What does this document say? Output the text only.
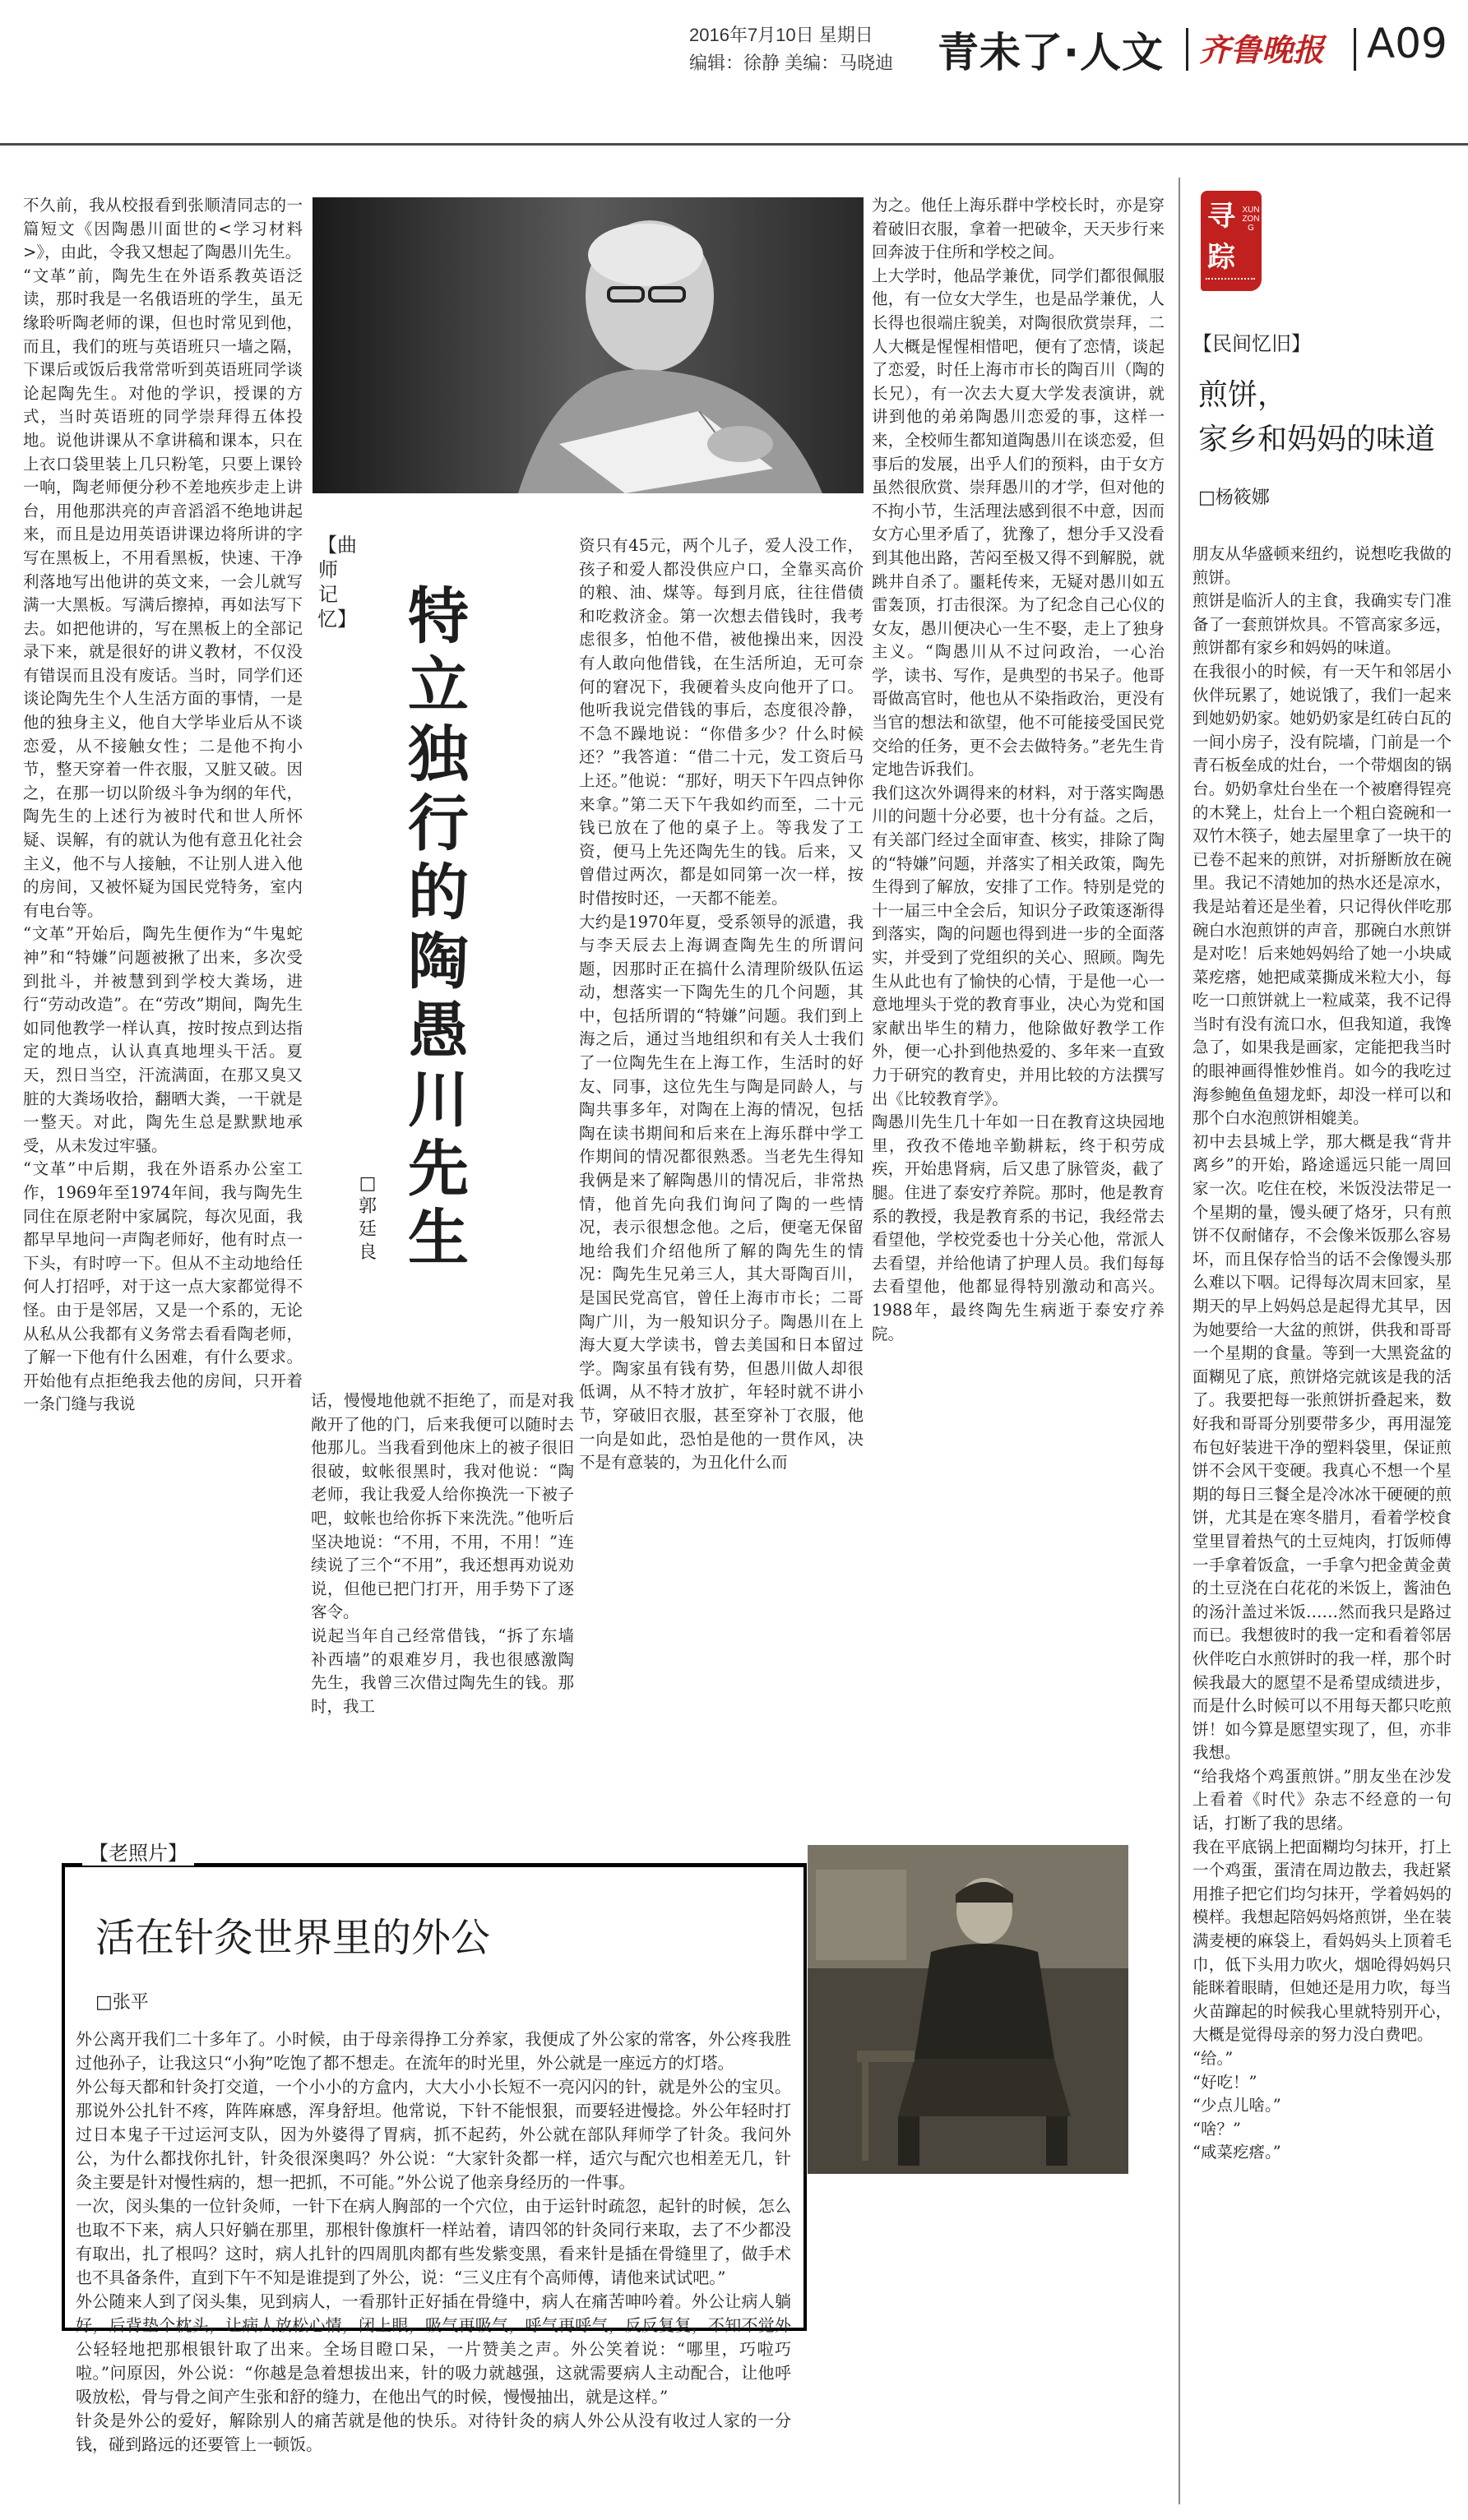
2016年7月10日 星期日
编辑：徐静 美编：马晓迪 青未了·人文 齐鲁晚报 A09
【曲师记忆】 特立独行的陶愚川先生
□郭廷良
不久前，我从校报看到张顺清同志的一篇短文《因陶愚川面世的<学习材料>》，由此，令我又想起了陶愚川先生。
“文革”前，陶先生在外语系教英语泛读，那时我是一名俄语班的学生，虽无缘聆听陶老师的课，但也时常见到他，而且，我们的班与英语班只一墙之隔，下课后或饭后我常常听到英语班同学谈论起陶先生。对他的学识，授课的方式，当时英语班的同学崇拜得五体投地。说他讲课从不拿讲稿和课本，只在上衣口袋里装上几只粉笔，只要上课铃一响，陶老师便分秒不差地疾步走上讲台，用他那洪亮的声音滔滔不绝地讲起来，而且是边用英语讲课边将所讲的字写在黑板上，不用看黑板，快速、干净利落地写出他讲的英文来，一会儿就写满一大黑板。写满后擦掉，再如法写下去。如把他讲的，写在黑板上的全部记录下来，就是很好的讲义教材，不仅没有错误而且没有废话。当时，同学们还谈论陶先生个人生活方面的事情，一是他的独身主义，他自大学毕业后从不谈恋爱，从不接触女性；二是他不拘小节，整天穿着一件衣服，又脏又破。因之，在那一切以阶级斗争为纲的年代，陶先生的上述行为被时代和世人所怀疑、误解，有的就认为他有意丑化社会主义，他不与人接触，不让别人进入他的房间，又被怀疑为国民党特务，室内有电台等。
“文革”开始后，陶先生便作为“牛鬼蛇神”和“特嫌”问题被揪了出来，多次受到批斗，并被慧到到学校大粪场，进行“劳动改造”。在“劳改”期间，陶先生如同他教学一样认真，按时按点到达指定的地点，认认真真地埋头干活。夏天，烈日当空，汗流满面，在那又臭又脏的大粪场收拾，翻晒大粪，一干就是一整天。对此，陶先生总是默默地承受，从未发过牢骚。
“文革”中后期，我在外语系办公室工作，1969年至1974年间，我与陶先生同住在原老附中家属院，每次见面，我都早早地问一声陶老师好，他有时点一下头，有时哼一下。但从不主动地给任何人打招呼，对于这一点大家都觉得不怪。由于是邻居，又是一个系的，无论从私从公我都有义务常去看看陶老师，了解一下他有什么困难，有什么要求。开始他有点拒绝我去他的房间，只开着一条门缝与我说	话，慢慢地他就不拒绝了，而是对我敞开了他的门，后来我便可以随时去他那儿。当我看到他床上的被子很旧很破，蚊帐很黑时，我对他说：“陶老师，我让我爱人给你换洗一下被子吧，蚊帐也给你拆下来洗洗。”他听后坚决地说：“不用，不用，不用！”连续说了三个“不用”，我还想再劝说劝说，但他已把门打开，用手势下了逐客令。
说起当年自己经常借钱，“拆了东墙补西墙”的艰难岁月，我也很感激陶先生，我曾三次借过陶先生的钱。那时，我工
资只有45元，两个儿子，爱人没工作，孩子和爱人都没供应户口，全靠买高价的粮、油、煤等。每到月底，往往借债和吃救济金。第一次想去借钱时，我考虑很多，怕他不借，被他操出来，因没有人敢向他借钱，在生活所迫，无可奈何的窘况下，我硬着头皮向他开了口。他听我说完借钱的事后，态度很冷静，不急不躁地说：“你借多少？什么时候还？”我答道：“借二十元，发工资后马上还。”他说：“那好，明天下午四点钟你来拿。”第二天下午我如约而至，二十元钱已放在了他的桌子上。等我发了工资，便马上先还陶先生的钱。后来，又曾借过两次，都是如同第一次一样，按时借按时还，一天都不能差。
大约是1970年夏，受系领导的派遣，我与李天辰去上海调查陶先生的所谓问题，因那时正在搞什么清理阶级队伍运动，想落实一下陶先生的几个问题，其中，包括所谓的“特嫌”问题。我们到上海之后，通过当地组织和有关人士我们了一位陶先生在上海工作，生活时的好友、同事，这位先生与陶是同龄人，与陶共事多年，对陶在上海的情况，包括陶在读书期间和后来在上海乐群中学工作期间的情况都很熟悉。当老先生得知我俩是来了解陶愚川的情况后，非常热情，他首先向我们询问了陶的一些情况，表示很想念他。之后，便毫无保留地给我们介绍他所了解的陶先生的情况：陶先生兄弟三人，其大哥陶百川，是国民党高官，曾任上海市市长；二哥陶广川，为一般知识分子。陶愚川在上海大夏大学读书，曾去美国和日本留过学。陶家虽有钱有势，但愚川做人却很低调，从不特才放扩，年轻时就不讲小节，穿破旧衣服，甚至穿补丁衣服，他一向是如此，恐怕是他的一贯作风，决不是有意装的，为丑化什么而
为之。他任上海乐群中学校长时，亦是穿着破旧衣服，拿着一把破伞，天天步行来回奔波于住所和学校之间。
上大学时，他品学兼优，同学们都很佩服他，有一位女大学生，也是品学兼优，人长得也很端庄貌美，对陶很欣赏崇拜，二人大概是惺惺相惜吧，便有了恋情，谈起了恋爱，时任上海市市长的陶百川（陶的长兄），有一次去大夏大学发表演讲，就讲到他的弟弟陶愚川恋爱的事，这样一来，全校师生都知道陶愚川在谈恋爱，但事后的发展，出乎人们的预料，由于女方虽然很欣赏、崇拜愚川的才学，但对他的不拘小节，生活理法感到很不中意，因而女方心里矛盾了，犹豫了，想分手又没看到其他出路，苦闷至极又得不到解脱，就跳井自杀了。噩耗传来，无疑对愚川如五雷轰顶，打击很深。为了纪念自己心仪的女友，愚川便决心一生不娶，走上了独身主义。“陶愚川从不过问政治，一心治学，读书、写作，是典型的书呆子。他哥哥做高官时，他也从不染指政治，更没有当官的想法和欲望，他不可能接受国民党交给的任务，更不会去做特务。”老先生肯定地告诉我们。
我们这次外调得来的材料，对于落实陶愚川的问题十分必要，也十分有益。之后，有关部门经过全面审查、核实，排除了陶的“特嫌”问题，并落实了相关政策，陶先生得到了解放，安排了工作。特别是党的十一届三中全会后，知识分子政策逐渐得到落实，陶的问题也得到进一步的全面落实，并受到了党组织的关心、照顾。陶先生从此也有了愉快的心情，于是他一心一意地埋头于党的教育事业，决心为党和国家献出毕生的精力，他除做好教学工作外，便一心扑到他热爱的、多年来一直致力于研究的教育史，并用比较的方法撰写出《比较教育学》。
陶愚川先生几十年如一日在教育这块园地里，孜孜不倦地辛勤耕耘，终于积劳成疾，开始患肾病，后又患了脉管炎，截了腿。住进了泰安疗养院。那时，他是教育系的教授，我是教育系的书记，我经常去看望他，学校党委也十分关心他，常派人去看望，并给他请了护理人员。我们每每去看望他，他都显得特别激动和高兴。1988年，最终陶先生病逝于泰安疗养院。
寻踪
XUNZONG
【民间忆旧】
煎饼，
家乡和妈妈的味道
□杨筱娜
朋友从华盛顿来纽约，说想吃我做的煎饼。
煎饼是临沂人的主食，我确实专门准备了一套煎饼炊具。不管高家多远，煎饼都有家乡和妈妈的味道。
在我很小的时候，有一天午和邻居小伙伴玩累了，她说饿了，我们一起来到她奶奶家。她奶奶家是红砖白瓦的一间小房子，没有院墙，门前是一个青石板垒成的灶台，一个带烟囱的锅台。奶奶拿灶台坐在一个被磨得锃亮的木凳上，灶台上一个粗白瓷碗和一双竹木筷子，她去屋里拿了一块干的已卷不起来的煎饼，对折掰断放在碗里。我记不清她加的热水还是凉水，我是站着还是坐着，只记得伙伴吃那碗白水泡煎饼的声音，那碗白水煎饼是对吃！后来她妈妈给了她一小块咸菜疙瘩，她把咸菜撕成米粒大小，每吃一口煎饼就上一粒咸菜，我不记得当时有没有流口水，但我知道，我馋急了，如果我是画家，定能把我当时的眼神画得惟妙惟肖。如今的我吃过海参鲍鱼鱼翅龙虾，却没一样可以和那个白水泡煎饼相媲美。
初中去县城上学，那大概是我“背井离乡”的开始，路途遥远只能一周回家一次。吃住在校，米饭没法带足一个星期的量，馒头硬了烙牙，只有煎饼不仅耐储存，不会像米饭那么容易坏，而且保存恰当的话不会像馒头那么难以下咽。记得每次周末回家，星期天的早上妈妈总是起得尤其早，因为她要给一大盆的煎饼，供我和哥哥一个星期的食量。等到一大黑瓷盆的面糊见了底，煎饼烙完就该是我的活了。我要把每一张煎饼折叠起来，数好我和哥哥分别要带多少，再用湿笼布包好装进干净的塑料袋里，保证煎饼不会风干变硬。我真心不想一个星期的每日三餐全是冷冰冰干硬硬的煎饼，尤其是在寒冬腊月，看着学校食堂里冒着热气的土豆炖肉，打饭师傅一手拿着饭盒，一手拿勺把金黄金黄的土豆浇在白花花的米饭上，酱油色的汤汁盖过米饭……然而我只是路过而已。我想彼时的我一定和看着邻居伙伴吃白水煎饼时的我一样，那个时候我最大的愿望不是希望成绩进步，而是什么时候可以不用每天都只吃煎饼！如今算是愿望实现了，但，亦非我想。
“给我烙个鸡蛋煎饼。”朋友坐在沙发上看着《时代》杂志不经意的一句话，打断了我的思绪。
我在平底锅上把面糊均匀抹开，打上一个鸡蛋，蛋清在周边散去，我赶紧用推子把它们均匀抹开，学着妈妈的模样。我想起陪妈妈烙煎饼，坐在装满麦梗的麻袋上，看妈妈头上顶着毛巾，低下头用力吹火，烟呛得妈妈只能眯着眼睛，但她还是用力吹，每当火苗蹿起的时候我心里就特别开心，大概是觉得母亲的努力没白费吧。
“给。”
“好吃！”
“少点儿啥。”
“啥？”
“咸菜疙瘩。”
【老照片】
活在针灸世界里的外公
□张平
外公离开我们二十多年了。小时候，由于母亲得挣工分养家，我便成了外公家的常客，外公疼我胜过他孙子，让我这只“小狗”吃饱了都不想走。在流年的时光里，外公就是一座远方的灯塔。
外公每天都和针灸打交道，一个小小的方盒内，大大小小长短不一亮闪闪的针，就是外公的宝贝。那说外公扎针不疼，阵阵麻感，浑身舒坦。他常说，下针不能恨狠，而要轻进慢捻。外公年轻时打过日本鬼子干过运河支队，因为外婆得了胃病，抓不起药，外公就在部队拜师学了针灸。我问外公，为什么都找你扎针，针灸很深奥吗？外公说：“大家针灸都一样，适穴与配穴也相差无几，针灸主要是针对慢性病的，想一把抓，不可能。”外公说了他亲身经历的一件事。
一次，闵头集的一位针灸师，一针下在病人胸部的一个穴位，由于运针时疏忽，起针的时候，怎么也取不下来，病人只好躺在那里，那根针像旗杆一样站着，请四邻的针灸同行来取，去了不少都没有取出，扎了根吗？这时，病人扎针的四周肌肉都有些发紫变黑，看来针是插在骨缝里了，做手术也不具备条件，直到下午不知是谁提到了外公，说：“三义庄有个高师傅，请他来试试吧。”
外公随来人到了闵头集，见到病人，一看那针正好插在骨缝中，病人在痛苦呻吟着。外公让病人躺好，后背垫个枕头，让病人放松心情，闭上眼，吸气再吸气，呼气再呼气，反反复复，不知不觉外公轻轻地把那根银针取了出来。全场目瞪口呆，一片赞美之声。外公笑着说：“哪里，巧啦巧啦。”问原因，外公说：“你越是急着想拔出来，针的吸力就越强，这就需要病人主动配合，让他呼吸放松，骨与骨之间产生张和舒的缝力，在他出气的时候，慢慢抽出，就是这样。”
针灸是外公的爱好，解除别人的痛苦就是他的快乐。对待针灸的病人外公从没有收过人家的一分钱，碰到路远的还要管上一顿饭。
